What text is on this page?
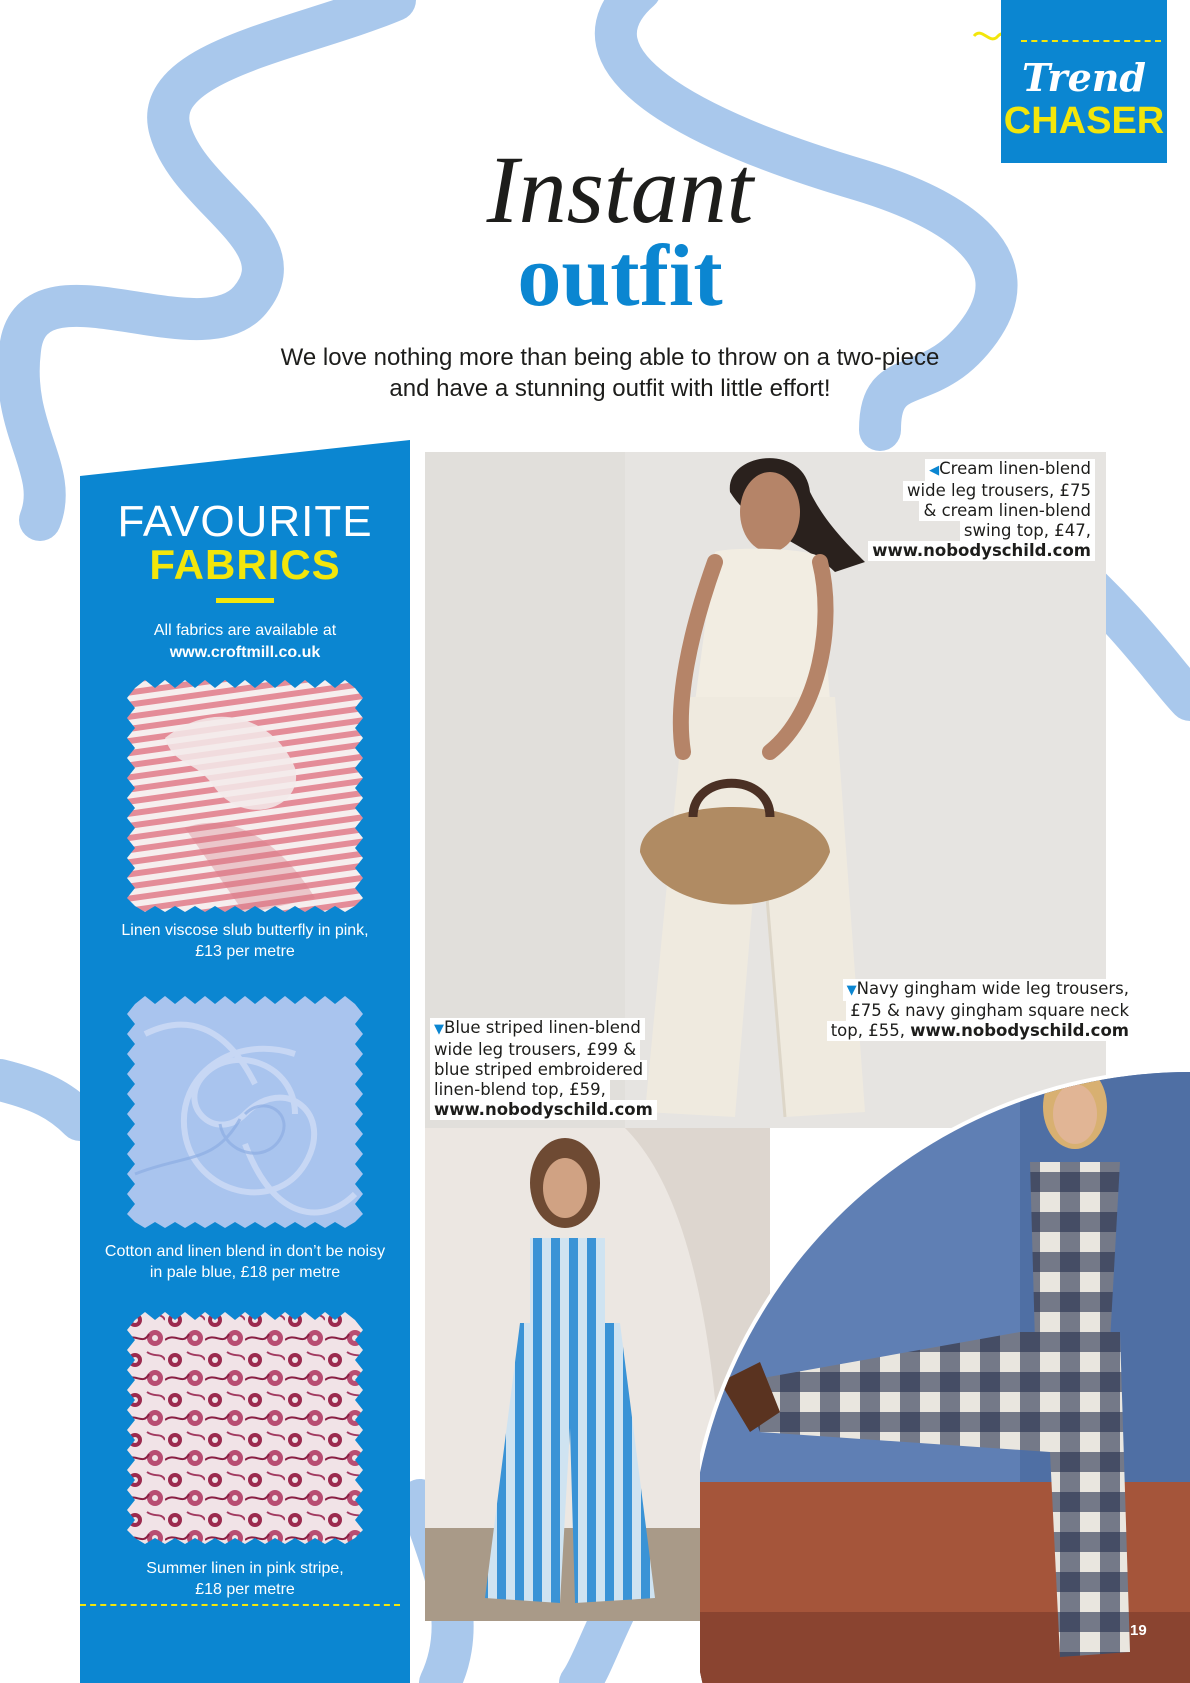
Trend
CHASER
Instant
outfit
We love nothing more than being able to throw on a two-piece
and have a stunning outfit with little effort!
FAVOURITE
FABRICS
All fabrics are available at
www.croftmill.co.uk
Linen viscose slub butterfly in pink,
£13 per metre
Cotton and linen blend in don’t be noisy
in pale blue, £18 per metre
Summer linen in pink stripe,
£18 per metre
◀Cream linen-blend
wide leg trousers, £75
& cream linen-blend
swing top, £47,
www.nobodyschild.com
▼Blue striped linen-blend
wide leg trousers, £99 &
blue striped embroidered
linen-blend top, £59,
www.nobodyschild.com
▼Navy gingham wide leg trousers,
£75 & navy gingham square neck
top, £55, www.nobodyschild.com
19
